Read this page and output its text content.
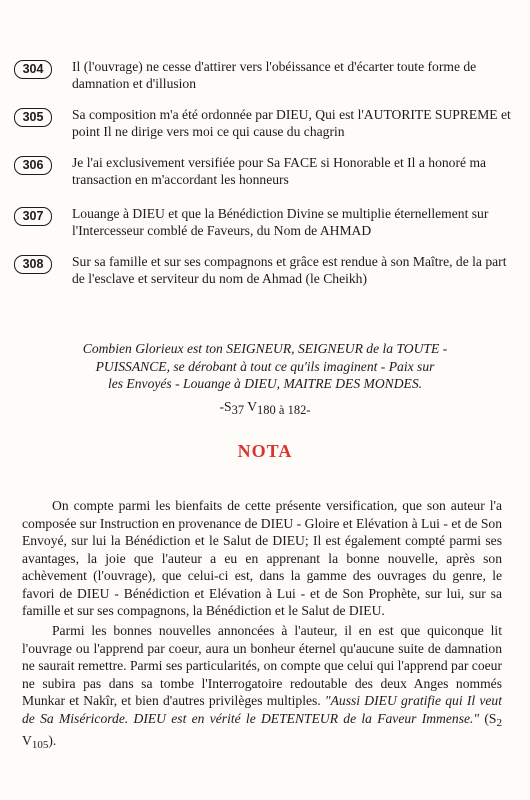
304	Il (l'ouvrage) ne cesse d'attirer vers l'obéissance et d'écarter toute forme de damnation et d'illusion
305	Sa composition m'a été ordonnée par DIEU, Qui est l'AUTORITE SUPREME et point Il ne dirige vers moi ce qui cause du chagrin
306	Je l'ai exclusivement versifiée pour Sa FACE si Honorable et Il a honoré ma transaction en m'accordant les honneurs
307	Louange à DIEU et que la Bénédiction Divine se multiplie éternellement sur l'Intercesseur comblé de Faveurs, du Nom de AHMAD
308	Sur sa famille et sur ses compagnons et grâce est rendue à son Maître, de la part de l'esclave et serviteur du nom de Ahmad (le Cheikh)
Combien Glorieux est ton SEIGNEUR, SEIGNEUR de la TOUTE -
PUISSANCE, se dérobant à tout ce qu'ils imaginent - Paix sur
les Envoyés - Louange à DIEU, MAITRE DES MONDES.
$-S_{37}$ $V_{180 à 182-}$
NOTA
On compte parmi les bienfaits de cette présente versification, que son auteur l'a composée sur Instruction en provenance de DIEU - Gloire et Elévation à Lui - et de Son Envoyé, sur lui la Bénédiction et le Salut de DIEU; Il est également compté parmi ses avantages, la joie que l'auteur a eu en apprenant la bonne nouvelle, après son achèvement (l'ouvrage), que celui-ci est, dans la gamme des ouvrages du genre, le favori de DIEU - Bénédiction et Elévation à Lui - et de Son Prophète, sur lui, sur sa famille et sur ses compagnons, la Bénédiction et le Salut de DIEU.
Parmi les bonnes nouvelles annoncées à l'auteur, il en est que quiconque lit l'ouvrage ou l'apprend par coeur, aura un bonheur éternel qu'aucune suite de damnation ne saurait remettre. Parmi ses particularités, on compte que celui qui l'apprend par coeur ne subira pas dans sa tombe l'Interrogatoire redoutable des deux Anges nommés Munkar et Nakîr, et bien d'autres privilèges multiples. "Aussi DIEU gratifie qui Il veut de Sa Miséricorde. DIEU est en vérité le DETENTEUR de la Faveur Immense." ($S_2$ $V_{105}$).
